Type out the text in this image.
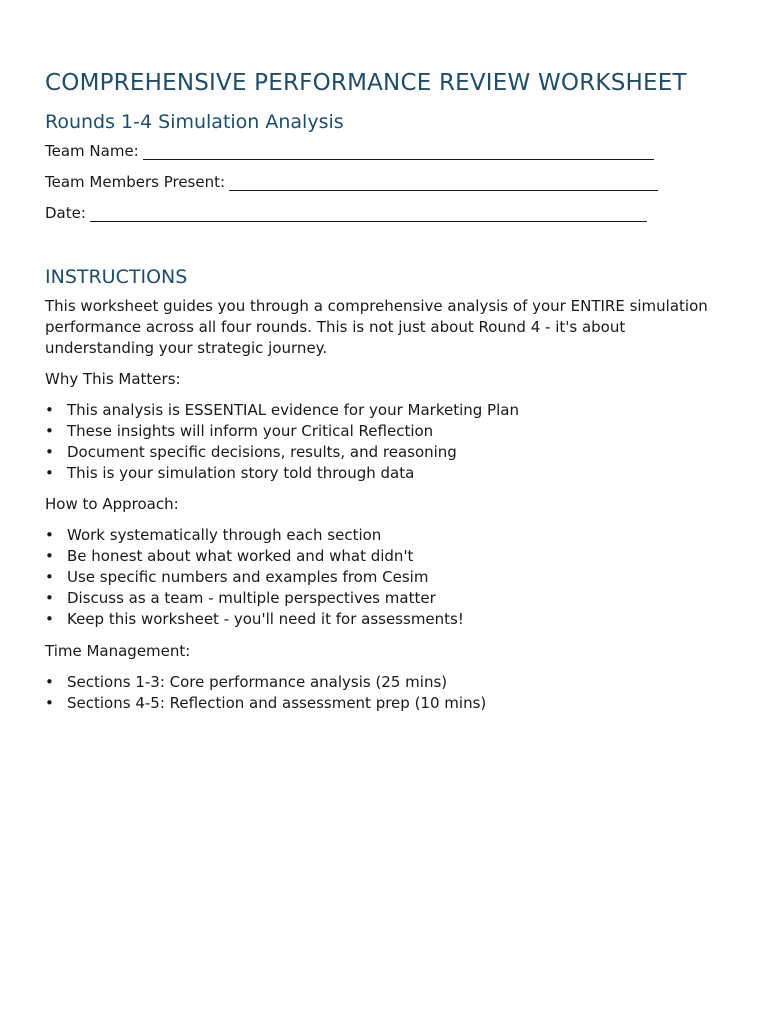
COMPREHENSIVE PERFORMANCE REVIEW WORKSHEET
Rounds 1-4 Simulation Analysis

Team Name:

Team Members Present:

Date:

INSTRUCTIONS

This worksheet guides you through a comprehensive analysis of your ENTIRE simulation performance across all four rounds. This is not just about Round 4 - it's about understanding your strategic journey.

Why This Matters:

• This analysis is ESSENTIAL evidence for your Marketing Plan
• These insights will inform your Critical Reflection
• Document specific decisions, results, and reasoning
• This is your simulation story told through data

How to Approach:

• Work systematically through each section
• Be honest about what worked and what didn't
• Use specific numbers and examples from Cesim
• Discuss as a team - multiple perspectives matter
• Keep this worksheet - you'll need it for assessments!

Time Management:

• Sections 1-3: Core performance analysis (25 mins)
• Sections 4-5: Reflection and assessment prep (10 mins)
